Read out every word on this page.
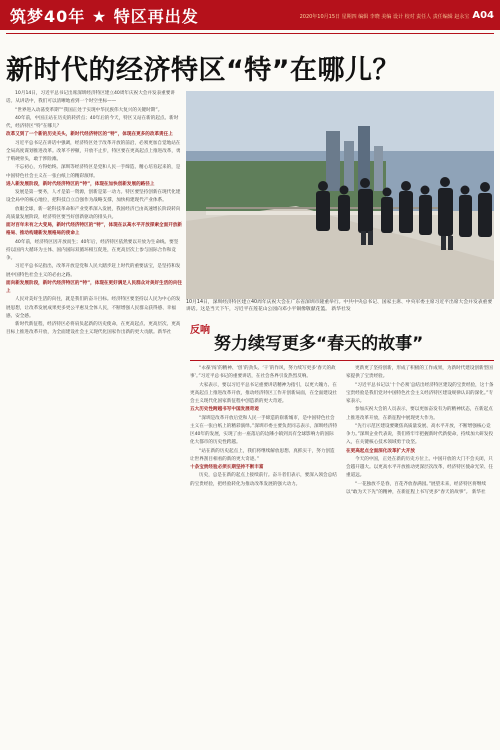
筑梦40年 ★ 特区再出发	2020年10月15日 星期四 编辑 李晓 美编 设计 校对 责任人 责任编辑 赵永宝 A04
新时代的经济特区“特”在哪儿？

10月14日，习近平总书记出席深圳经济特区建立40周年庆祝大会并发表重要讲话。从讲话中，我们可以清晰地看到一个时空坐标——

“世界进入动荡变革期”“我国正处于实现中华民族伟大复兴的关键时期”。

40年前，中国正站在历史的转折点；40年后的今天，特区又站在新的起点。新时代，经济特区“特”在哪儿？

改革又到了一个新的历史关头，新时代经济特区的“特”，体现在更多的改革责任上

习近平总书记在讲话中强调，经济特区处于改革开放的前沿，必须更加自觉地站在全局高度谋划推进改革。改革不停顿，开放不止步，特区要在更高起点上推进改革，勇于啃硬骨头，敢于涉险滩。

不忘初心，方得始终。深圳等经济特区是党和人民一手缔造、精心培育起来的，是中国特色社会主义在一张白纸上的精彩演绎。

进入新发展阶段，新时代经济特区的“特”，体现在加快创新发展的路径上

发展是第一要务，人才是第一资源，创新是第一动力。特区要坚持创新在现代化建设全局中的核心地位，把科技自立自强作为战略支撑，加快构建现代产业体系。

放眼全球，新一轮科技革命和产业变革深入发展，我国经济已由高速增长阶段转向高质量发展阶段，经济特区要当好创新驱动的排头兵。

面对百年未有之大变局，新时代经济特区的“特”，体现在以高水平开放探索全面开放新格局、推动构建新发展格局的使命上

40年前，经济特区因开放而生；40年后，经济特区依然要以开放为生命线。要坚持以国内大循环为主体、国内国际双循环相互促进，在更高层次上参与国际合作和竞争。

习近平总书记指出，改革开放是党和人民大踏步赶上时代的重要法宝，是坚持和发展中国特色社会主义的必由之路。

面向新发展阶段，新时代经济特区的“特”，体现在更好满足人民群众对美好生活的向往上

人民对美好生活的向往，就是我们的奋斗目标。经济特区要坚持以人民为中心的发展思想，让改革发展成果更多更公平惠及全体人民，不断增强人民群众获得感、幸福感、安全感。

新时代新征程，经济特区必将肩负起新的历史使命，在更高起点、更高层次、更高目标上推进改革开放，为全面建设社会主义现代化国家作出新的更大贡献。新华社

10月14日，深圳经济特区建立40周年庆祝大会在广东省深圳市隆重举行。中共中央总书记、国家主席、中央军委主席习近平出席大会并发表重要讲话。这是当天下午，习近平在莲花山公园向邓小平铜像敬献花篮。 新华社发
反响
努力续写更多“春天的故事”

“永葆‘闯’的精神、‘创’的劲头、‘干’的作风，努力续写更多‘春天的故事’。”习近平总书记的重要讲话，在社会各界引发热烈反响。

大家表示，要以习近平总书记重要讲话精神为指引，以更大魄力、在更高起点上推进改革开放，推动经济特区工作开创新局面，在全面建设社会主义现代化国家新征程中创造新的更大奇迹。

五大历史性跨越书写中国发展奇迹

“深圳是改革开放后党和人民一手缔造的崭新城市，是中国特色社会主义在一张白纸上的精彩演绎。”深圳市委主要负责同志表示，深圳经济特区40年的发展，实现了由一座落后的边陲小镇到具有全球影响力的国际化大都市的历史性跨越。

“站在新的历史起点上，我们将继续解放思想、真抓实干，努力创造让世界刮目相看的新的更大奇迹。”

十条宝贵经验必须长期坚持不断丰富

历史，总是在新的起点上接续前行。奋斗者们表示，要深入领会总结的宝贵经验，把经验转化为推动改革发展的强大动力。

更新更了坚持创新，形成了积极的工作成果，为新时代建设创新型国家提供了宝贵经验。

“习近平总书记以‘十个必须’总结出经济特区建设的宝贵经验，这十条宝贵经验是我们党对中国特色社会主义经济特区建设规律认识的深化。”专家表示。

参加庆祝大会的人员表示，要以更加奋发有为的精神状态，在新起点上推进改革开放，在新征程中展现更大作为。

“先行示范区建设要聚焦高质量发展、高水平开放，不断增强核心竞争力。”深圳企业代表说，我们将牢牢把握新时代新使命，持续加大研发投入，在关键核心技术领域勇于攻坚。

在更高起点全面深化改革扩大开放

今天的中国，正处在新的历史方位上。中国开放的大门不会关闭，只会越开越大。以更高水平开放推动更深层次改革，经济特区使命光荣、任重道远。

“一花独放不是春，百花齐放春满园。”展望未来，经济特区将继续以“敢为天下先”的精神，在新征程上书写更多“春天的故事”。 新华社
